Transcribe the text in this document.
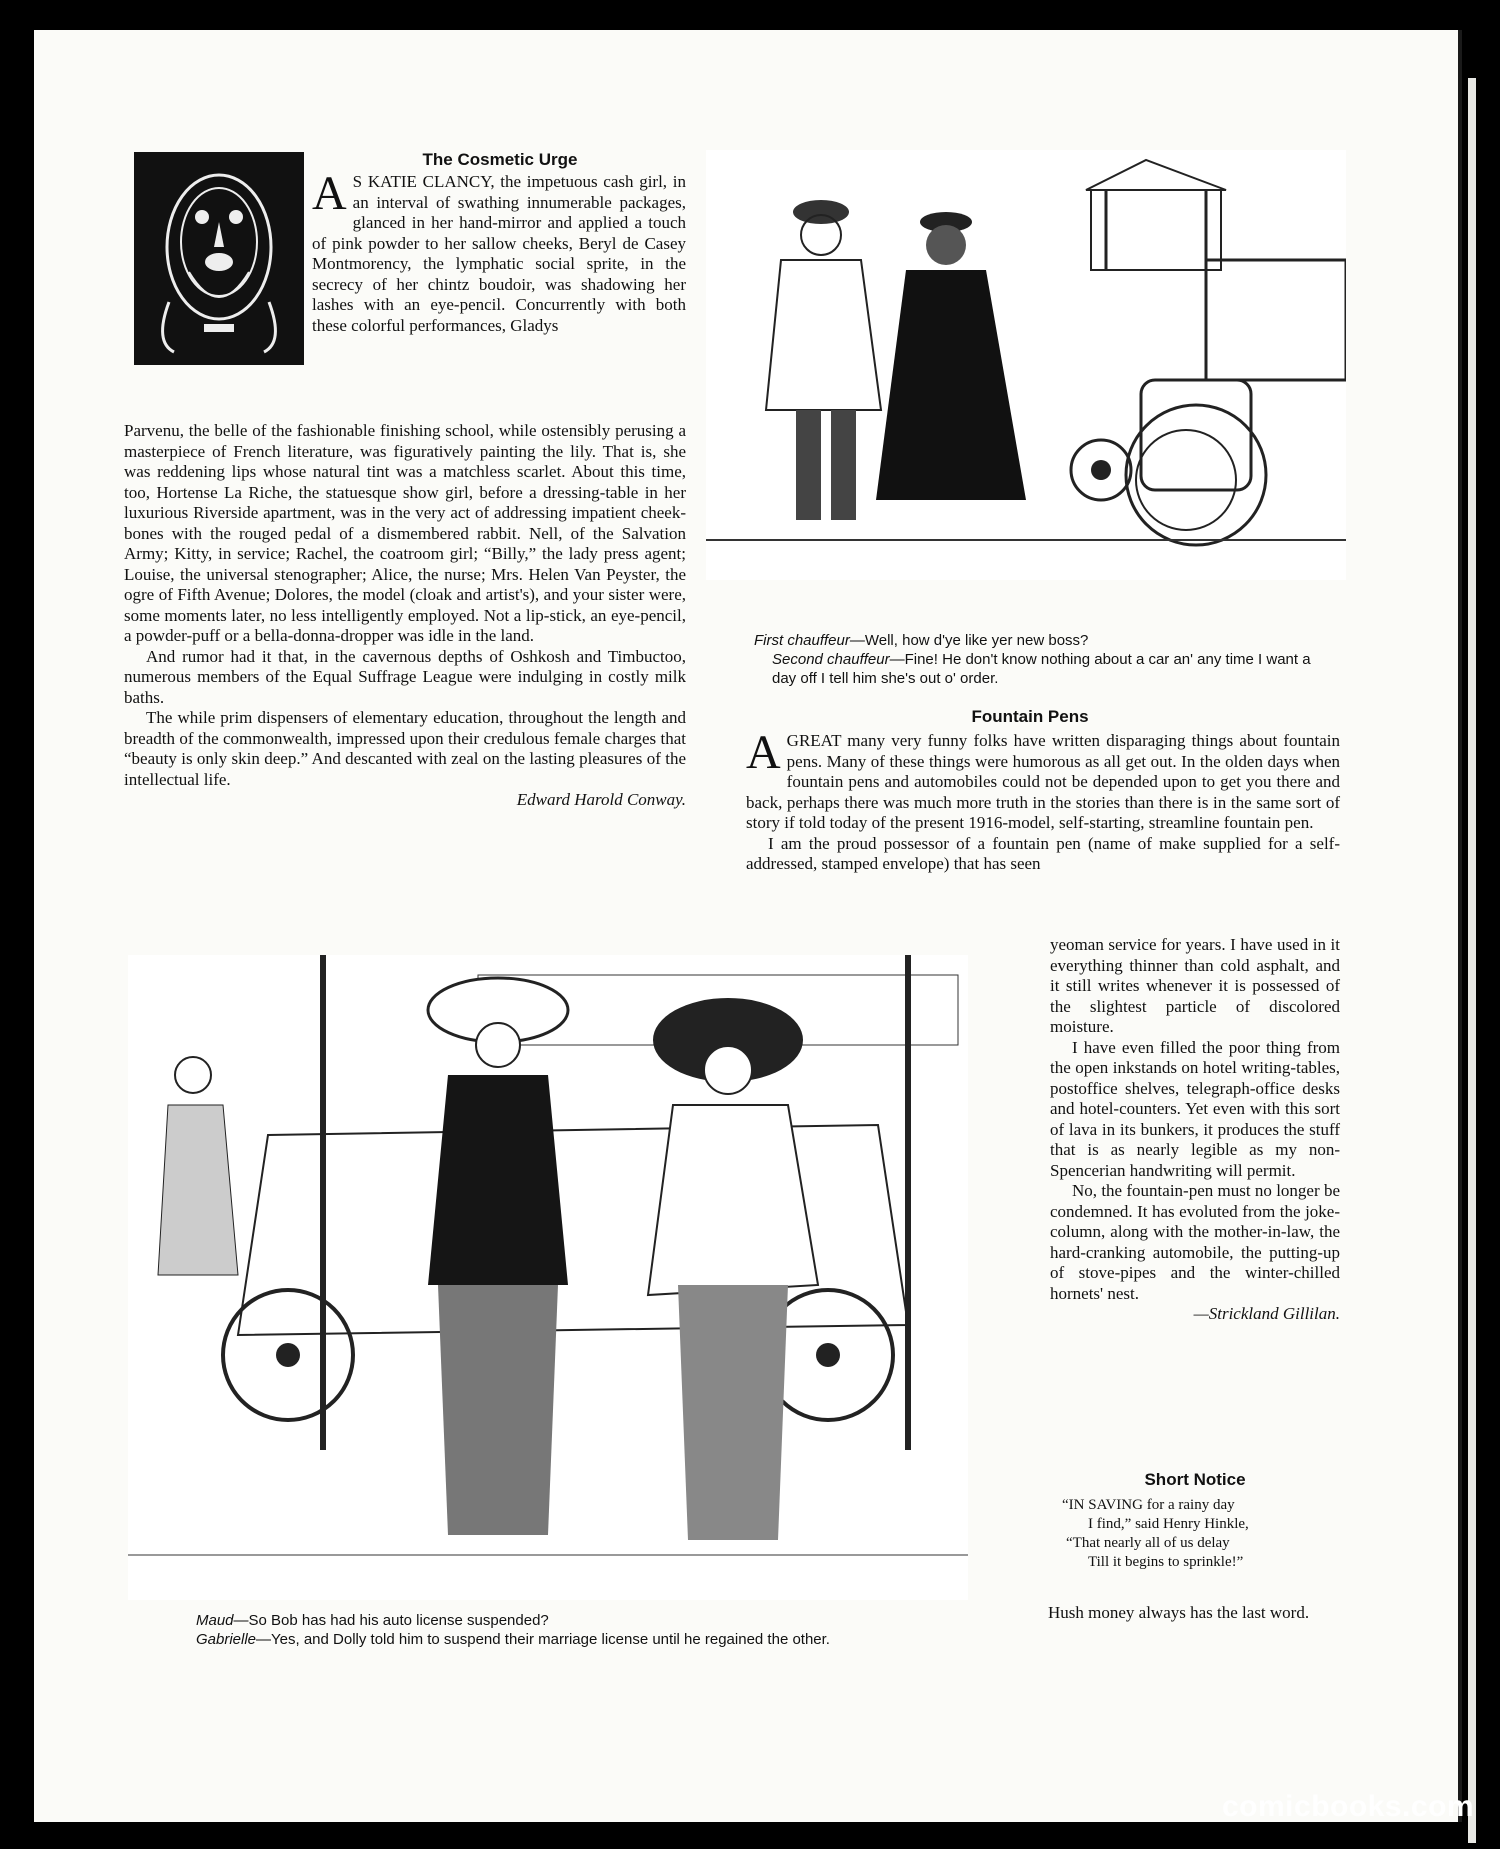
The Cosmetic Urge
A S KATIE CLANCY, the impetuous cash girl, in an interval of swathing innumerable packages, glanced in her hand-mirror and applied a touch of pink powder to her sallow cheeks, Beryl de Casey Montmorency, the lymphatic social sprite, in the secrecy of her chintz boudoir, was shadowing her lashes with an eye-pencil. Concurrently with both these colorful performances, Gladys

Parvenu, the belle of the fashionable finishing school, while ostensibly perusing a masterpiece of French literature, was figuratively painting the lily. That is, she was reddening lips whose natural tint was a matchless scarlet. About this time, too, Hortense La Riche, the statuesque show girl, before a dressing-table in her luxurious Riverside apartment, was in the very act of addressing impatient cheek-bones with the rouged pedal of a dismembered rabbit. Nell, of the Salvation Army; Kitty, in service; Rachel, the coatroom girl; “Billy,” the lady press agent; Louise, the universal stenographer; Alice, the nurse; Mrs. Helen Van Peyster, the ogre of Fifth Avenue; Dolores, the model (cloak and artist's), and your sister were, some moments later, no less intelligently employed. Not a lip-stick, an eye-pencil, a powder-puff or a bella-donna-dropper was idle in the land.

And rumor had it that, in the cavernous depths of Oshkosh and Timbuctoo, numerous members of the Equal Suffrage League were indulging in costly milk baths.

The while prim dispensers of elementary education, throughout the length and breadth of the commonwealth, impressed upon their credulous female charges that “beauty is only skin deep.” And descanted with zeal on the lasting pleasures of the intellectual life.

Edward Harold Conway.
First chauffeur—Well, how d'ye like yer new boss?
Second chauffeur—Fine! He don't know nothing about a car an' any time I want a day off I tell him she's out o' order.
Fountain Pens

AGREAT many very funny folks have written disparaging things about fountain pens. Many of these things were humorous as all get out. In the olden days when fountain pens and automobiles could not be depended upon to get you there and back, perhaps there was much more truth in the stories than there is in the same sort of story if told today of the present 1916-model, self-starting, streamline fountain pen.

I am the proud possessor of a fountain pen (name of make supplied for a self-addressed, stamped envelope) that has seen

yeoman service for years. I have used in it everything thinner than cold asphalt, and it still writes whenever it is possessed of the slightest particle of discolored moisture.

I have even filled the poor thing from the open inkstands on hotel writing-tables, postoffice shelves, telegraph-office desks and hotel-counters. Yet even with this sort of lava in its bunkers, it produces the stuff that is as nearly legible as my non-Spencerian handwriting will permit.

No, the fountain-pen must no longer be condemned. It has evoluted from the joke-column, along with the mother-in-law, the hard-cranking automobile, the putting-up of stove-pipes and the winter-chilled hornets' nest.

—Strickland Gillilan.
Short Notice
“IN SAVING for a rainy day
I find,” said Henry Hinkle,
“That nearly all of us delay
Till it begins to sprinkle!”
Hush money always has the last word.
Maud—So Bob has had his auto license suspended?
Gabrielle—Yes, and Dolly told him to suspend their marriage license until he regained the other.
comicbooks.com
